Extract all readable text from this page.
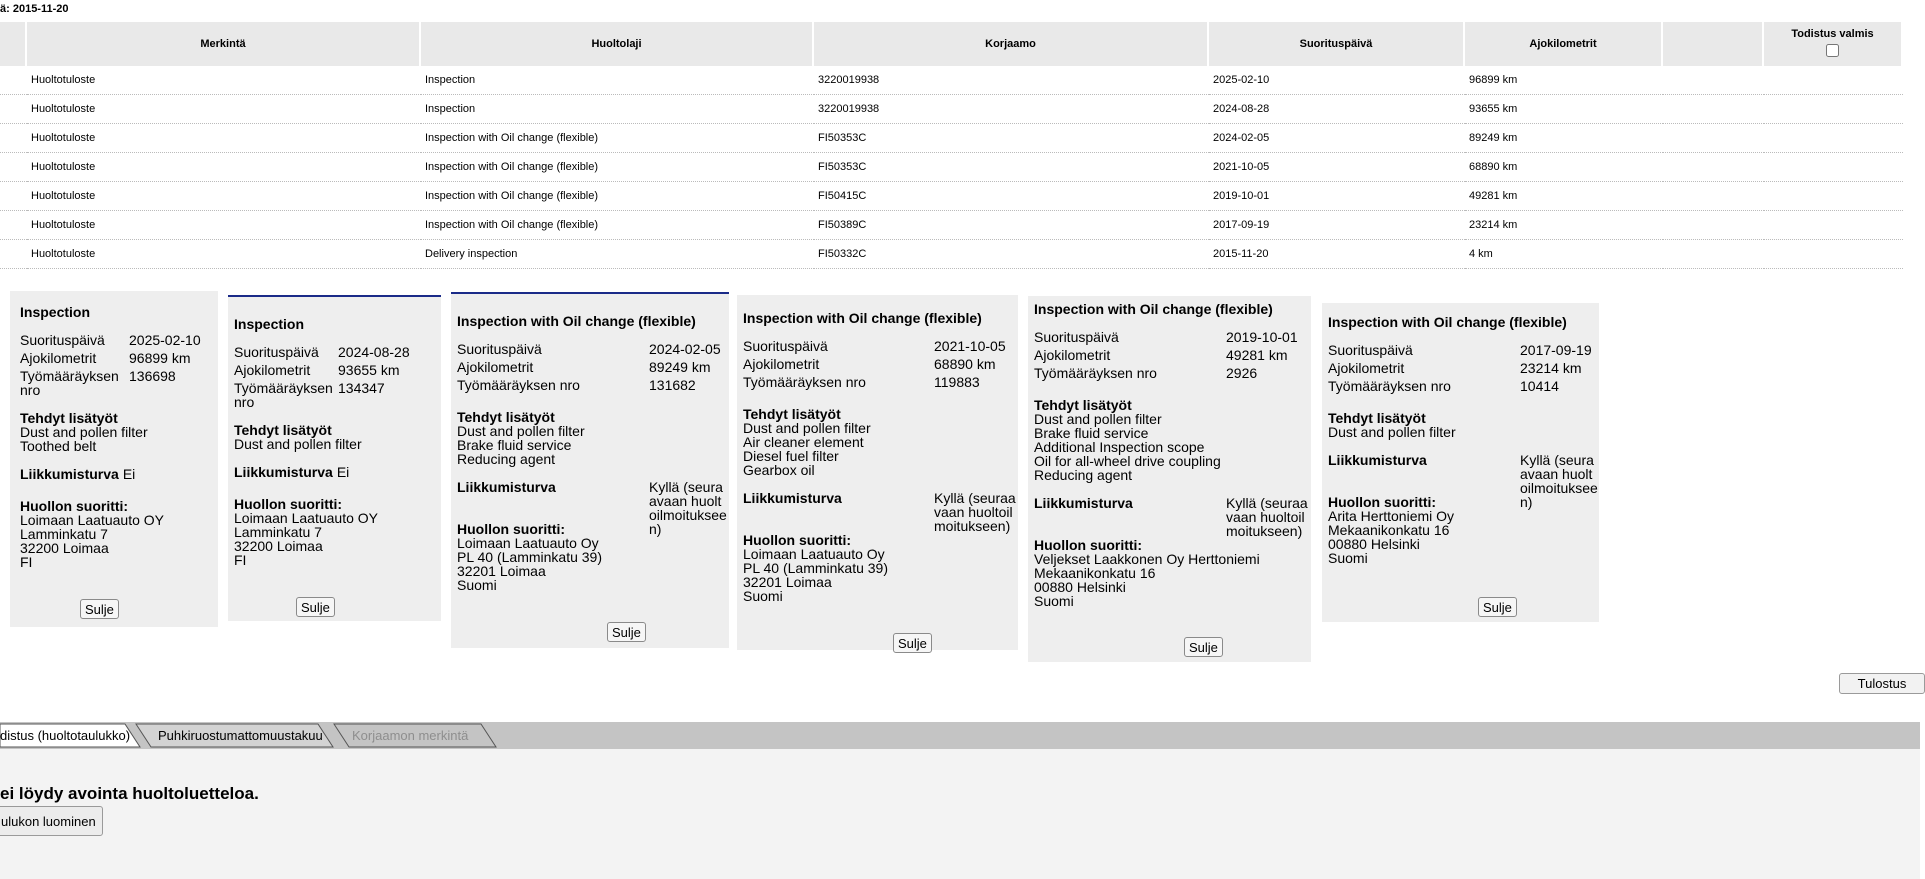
ä: 2015-11-20
	Merkintä	Huoltolaji	Korjaamo	Suorituspäivä	Ajokilometrit		Todistus valmis

	Huoltotuloste	Inspection	3220019938	2025-02-10	96899 km		
	Huoltotuloste	Inspection	3220019938	2024-08-28	93655 km		
	Huoltotuloste	Inspection with Oil change (flexible)	FI50353C	2024-02-05	89249 km		
	Huoltotuloste	Inspection with Oil change (flexible)	FI50353C	2021-10-05	68890 km		
	Huoltotuloste	Inspection with Oil change (flexible)	FI50415C	2019-10-01	49281 km		
	Huoltotuloste	Inspection with Oil change (flexible)	FI50389C	2017-09-19	23214 km		
	Huoltotuloste	Delivery inspection	FI50332C	2015-11-20	4 km		
Inspection
Suorituspäivä	2025-02-10
Ajokilometrit	96899 km
Työmääräyksen nro
136698
Tehdyt lisätyöt
Dust and pollen filter
Toothed belt
Liikkumisturva Ei
Huollon suoritti:
Loimaan Laatuauto OY
Lamminkatu 7
32200 Loimaa
FI
Sulje
Inspection
Suorituspäivä	2024-08-28
Ajokilometrit	93655 km
Työmääräyksen nro
134347
Tehdyt lisätyöt
Dust and pollen filter
Liikkumisturva Ei
Huollon suoritti:
Loimaan Laatuauto OY
Lamminkatu 7
32200 Loimaa
FI
Sulje
Inspection with Oil change (flexible)
Suorituspäivä	2024-02-05
Ajokilometrit	89249 km
Työmääräyksen nro	131682
Tehdyt lisätyöt
Dust and pollen filter
Brake fluid service
Reducing agent
Liikkumisturva	Kyllä (seuraavaan huoltoilmoitukseen)
Huollon suoritti:
Loimaan Laatuauto Oy
PL 40 (Lamminkatu 39)
32201 Loimaa
Suomi
Sulje
Inspection with Oil change (flexible)
Suorituspäivä	2021-10-05
Ajokilometrit	68890 km
Työmääräyksen nro	119883
Tehdyt lisätyöt
Dust and pollen filter
Air cleaner element
Diesel fuel filter
Gearbox oil
Liikkumisturva	Kyllä (seuraavaan huoltoilmoitukseen)
Huollon suoritti:
Loimaan Laatuauto Oy
PL 40 (Lamminkatu 39)
32201 Loimaa
Suomi
Sulje
Inspection with Oil change (flexible)
Suorituspäivä	2019-10-01
Ajokilometrit	49281 km
Työmääräyksen nro	2926
Tehdyt lisätyöt
Dust and pollen filter
Brake fluid service
Additional Inspection scope
Oil for all-wheel drive coupling
Reducing agent
Liikkumisturva	Kyllä (seuraavaan huoltoilmoitukseen)
Huollon suoritti:
Veljekset Laakkonen Oy Herttoniemi
Mekaanikonkatu 16
00880 Helsinki
Suomi
Sulje
Inspection with Oil change (flexible)
Suorituspäivä	2017-09-19
Ajokilometrit	23214 km
Työmääräyksen nro	10414
Tehdyt lisätyöt
Dust and pollen filter
Liikkumisturva	Kyllä (seuraavaan huoltoilmoitukseen)
Huollon suoritti:
Arita Herttoniemi Oy
Mekaanikonkatu 16
00880 Helsinki
Suomi
Sulje
Tulostus
distus (huoltotaulukko) Puhkiruostumattomuustakuu Korjaamon merkintä
ei löydy avointa huoltoluetteloa.
ulukon luominen
